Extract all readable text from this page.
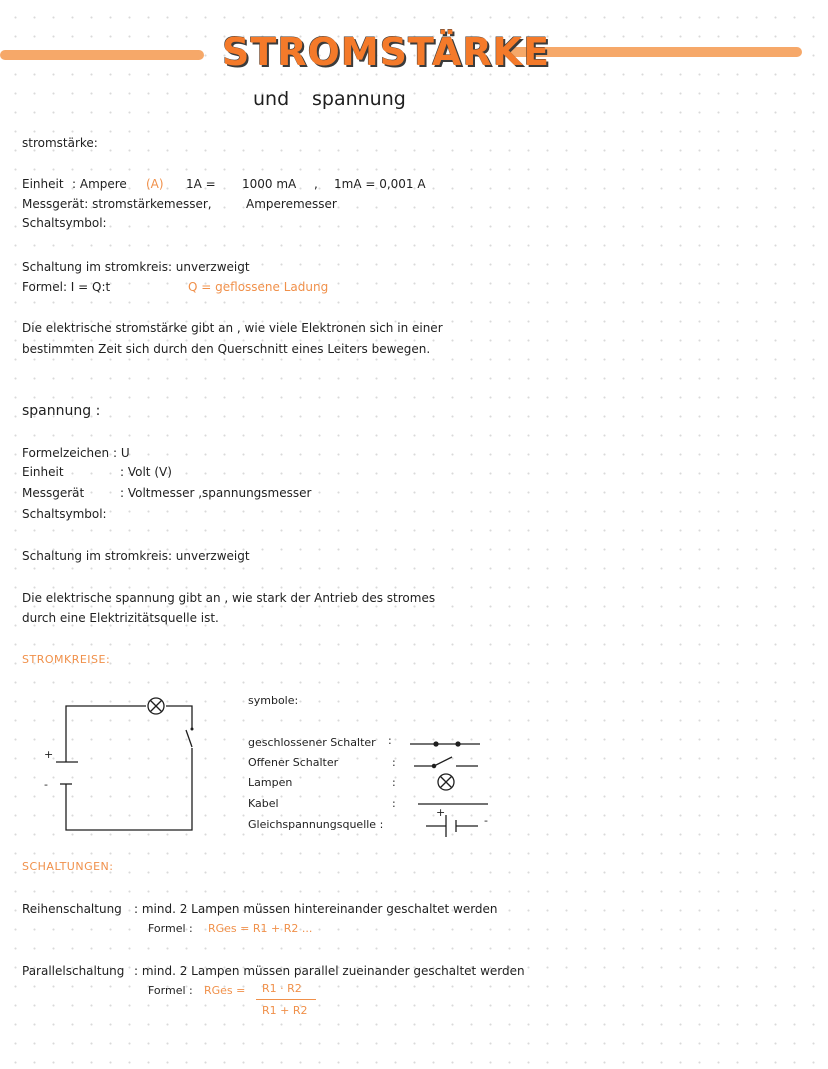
STROMSTÄRKE
und spannung
stromstärke:
Einheit : Ampere (A) 1A = 1000 mA , 1mA = 0,001 A
Messgerät: stromstärkemesser,	Amperemesser
Schaltsymbol:
Schaltung im stromkreis: unverzweigt
Formel: I = Q:t	Q = geflossene Ladung
Die elektrische stromstärke gibt an , wie viele Elektronen sich in einer
bestimmten Zeit sich durch den Querschnitt eines Leiters bewegen.
spannung :
Formelzeichen : U
Einheit	: Volt (V)
Messgerät	: Voltmesser ,spannungsmesser
Schaltsymbol:
Schaltung im stromkreis: unverzweigt
Die elektrische spannung gibt an , wie stark der Antrieb des stromes
durch eine Elektrizitätsquelle ist.
STROMKREISE:
+
-
symbole:
geschlossener Schalter :
Offener Schalter	:
Lampen	:
Kabel	:
Gleichspannungsquelle :
+
-
SCHALTUNGEN:
Reihenschaltung : mind. 2 Lampen müssen hintereinander geschaltet werden
Formel : RGes = R1 + R2 ...
Parallelschaltung : mind. 2 Lampen müssen parallel zueinander geschaltet werden
Formel : RGes = R1 · R2
R1 + R2
